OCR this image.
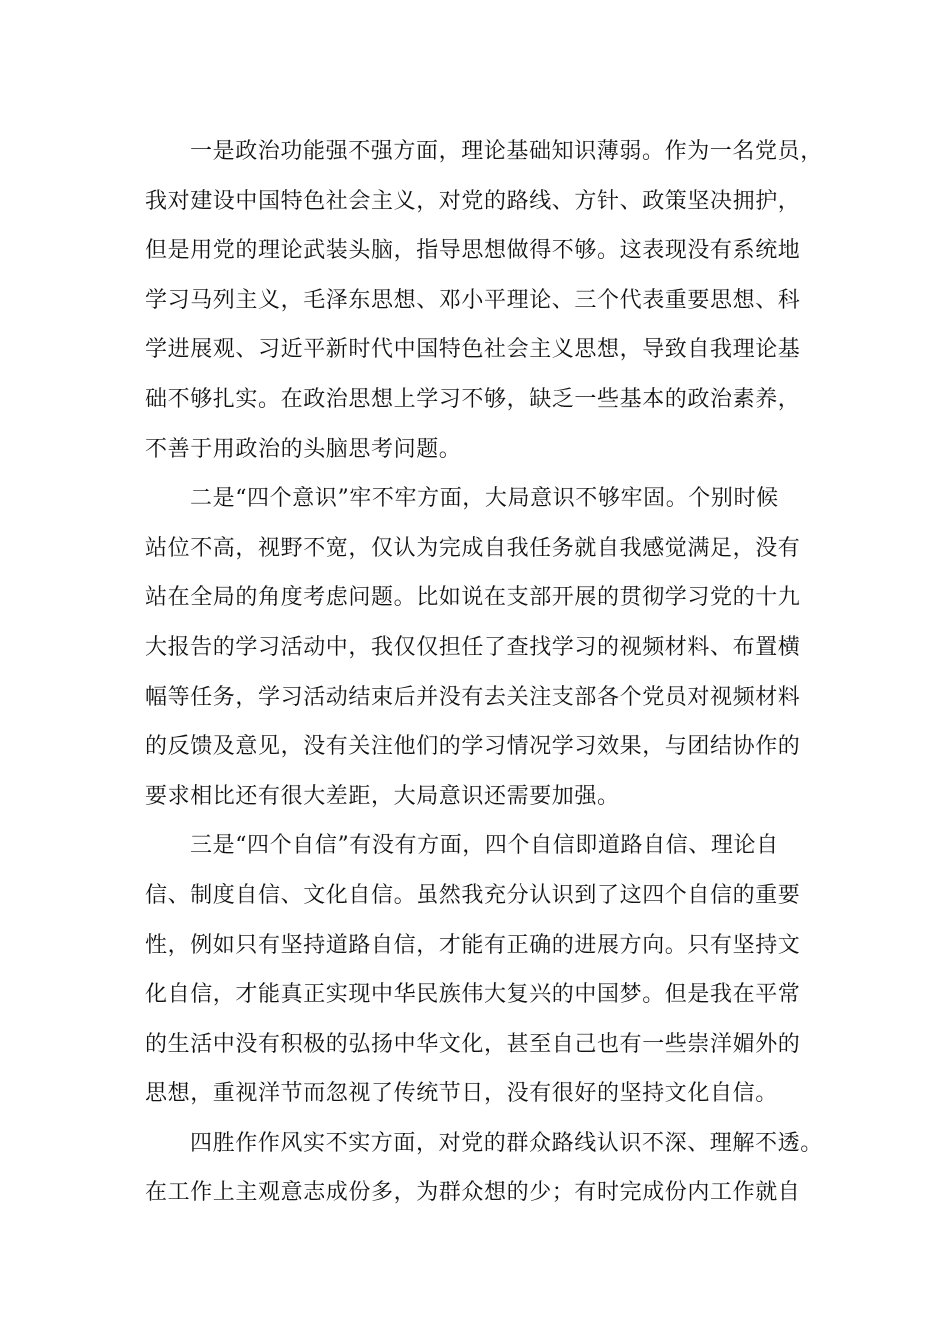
一是政治功能强不强方面，理论基础知识薄弱。作为一名党员，
我对建设中国特色社会主义，对党的路线、方针、政策坚决拥护，
但是用党的理论武装头脑，指导思想做得不够。这表现没有系统地
学习马列主义，毛泽东思想、邓小平理论、三个代表重要思想、科
学进展观、习近平新时代中国特色社会主义思想，导致自我理论基
础不够扎实。在政治思想上学习不够，缺乏一些基本的政治素养，
不善于用政治的头脑思考问题。
二是“四个意识”牢不牢方面，大局意识不够牢固。个别时候
站位不高，视野不宽，仅认为完成自我任务就自我感觉满足，没有
站在全局的角度考虑问题。比如说在支部开展的贯彻学习党的十九
大报告的学习活动中，我仅仅担任了查找学习的视频材料、布置横
幅等任务，学习活动结束后并没有去关注支部各个党员对视频材料
的反馈及意见，没有关注他们的学习情况学习效果，与团结协作的
要求相比还有很大差距，大局意识还需要加强。
三是“四个自信”有没有方面，四个自信即道路自信、理论自
信、制度自信、文化自信。虽然我充分认识到了这四个自信的重要
性，例如只有坚持道路自信，才能有正确的进展方向。只有坚持文
化自信，才能真正实现中华民族伟大复兴的中国梦。但是我在平常
的生活中没有积极的弘扬中华文化，甚至自己也有一些崇洋媚外的
思想，重视洋节而忽视了传统节日，没有很好的坚持文化自信。
四胜作作风实不实方面，对党的群众路线认识不深、理解不透。
在工作上主观意志成份多，为群众想的少；有时完成份内工作就自
